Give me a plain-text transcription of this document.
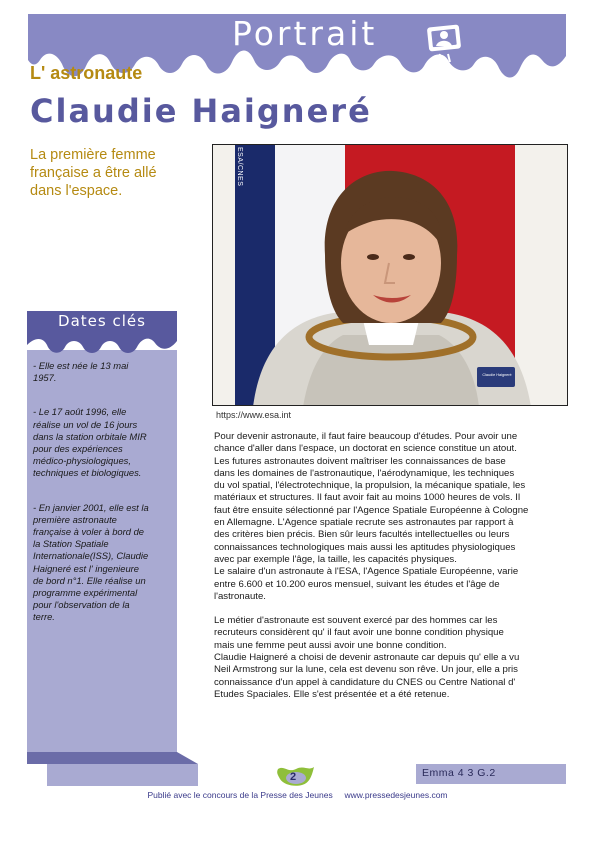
Portrait
L' astronaute
Claudie Haigneré
La première femme
française a être allé
dans l'espace.
ESA/CNES
Claudie Haigneré
https://www.esa.int

Pour devenir astronaute, il faut faire beaucoup d'études. Pour avoir une
chance d'aller dans l'espace, un doctorat en science constitue un atout.
Les futures astronautes doivent maîtriser les connaissances de base
dans les domaines de l'astronautique, l'aérodynamique, les techniques
du vol spatial, l'électrotechnique, la propulsion, la mécanique spatiale, les
matériaux et structures. Il faut avoir fait au moins 1000 heures de vols. Il
faut être ensuite sélectionné par l'Agence Spatiale Européenne à Cologne
en Allemagne. L'Agence spatiale recrute ses astronautes par rapport à
des critères bien précis. Bien sûr leurs facultés intellectuelles ou leurs
connaissances technologiques mais aussi les aptitudes physiologiques
avec par exemple l'âge, la taille, les capacités physiques.
Le salaire d'un astronaute à l'ESA, l'Agence Spatiale Européenne, varie
entre 6.600 et 10.200 euros mensuel, suivant les études et l'âge de
l'astronaute.

Le métier d'astronaute est souvent exercé par des hommes car les
recruteurs considèrent qu' il faut avoir une bonne condition physique
mais une femme peut aussi avoir une bonne condition.
Claudie Haigneré a choisi de devenir astronaute car depuis qu' elle a vu
Neil Armstrong sur la lune, cela est devenu son rêve. Un jour, elle a pris
connaissance d'un appel à candidature du CNES ou Centre National d'
Etudes Spaciales. Elle s'est présentée et a été retenue.

Dates clés

- Elle est née le 13 mai
1957.

- Le 17 août 1996, elle
réalise un vol de 16 jours
dans la station orbitale MIR
pour des expériences
médico-physiologiques,
techniques et biologiques.

- En janvier 2001, elle est la
première astronaute
française à voler à bord de
la Station Spatiale
Internationale(ISS), Claudie
Haigneré est l' ingenieure
de bord n°1. Elle réalise un
programme expérimental
pour l'observation de la
terre.

Emma 4 3 G.2
2
Publié avec le concours de la Presse des Jeunes     www.pressedesjeunes.com
